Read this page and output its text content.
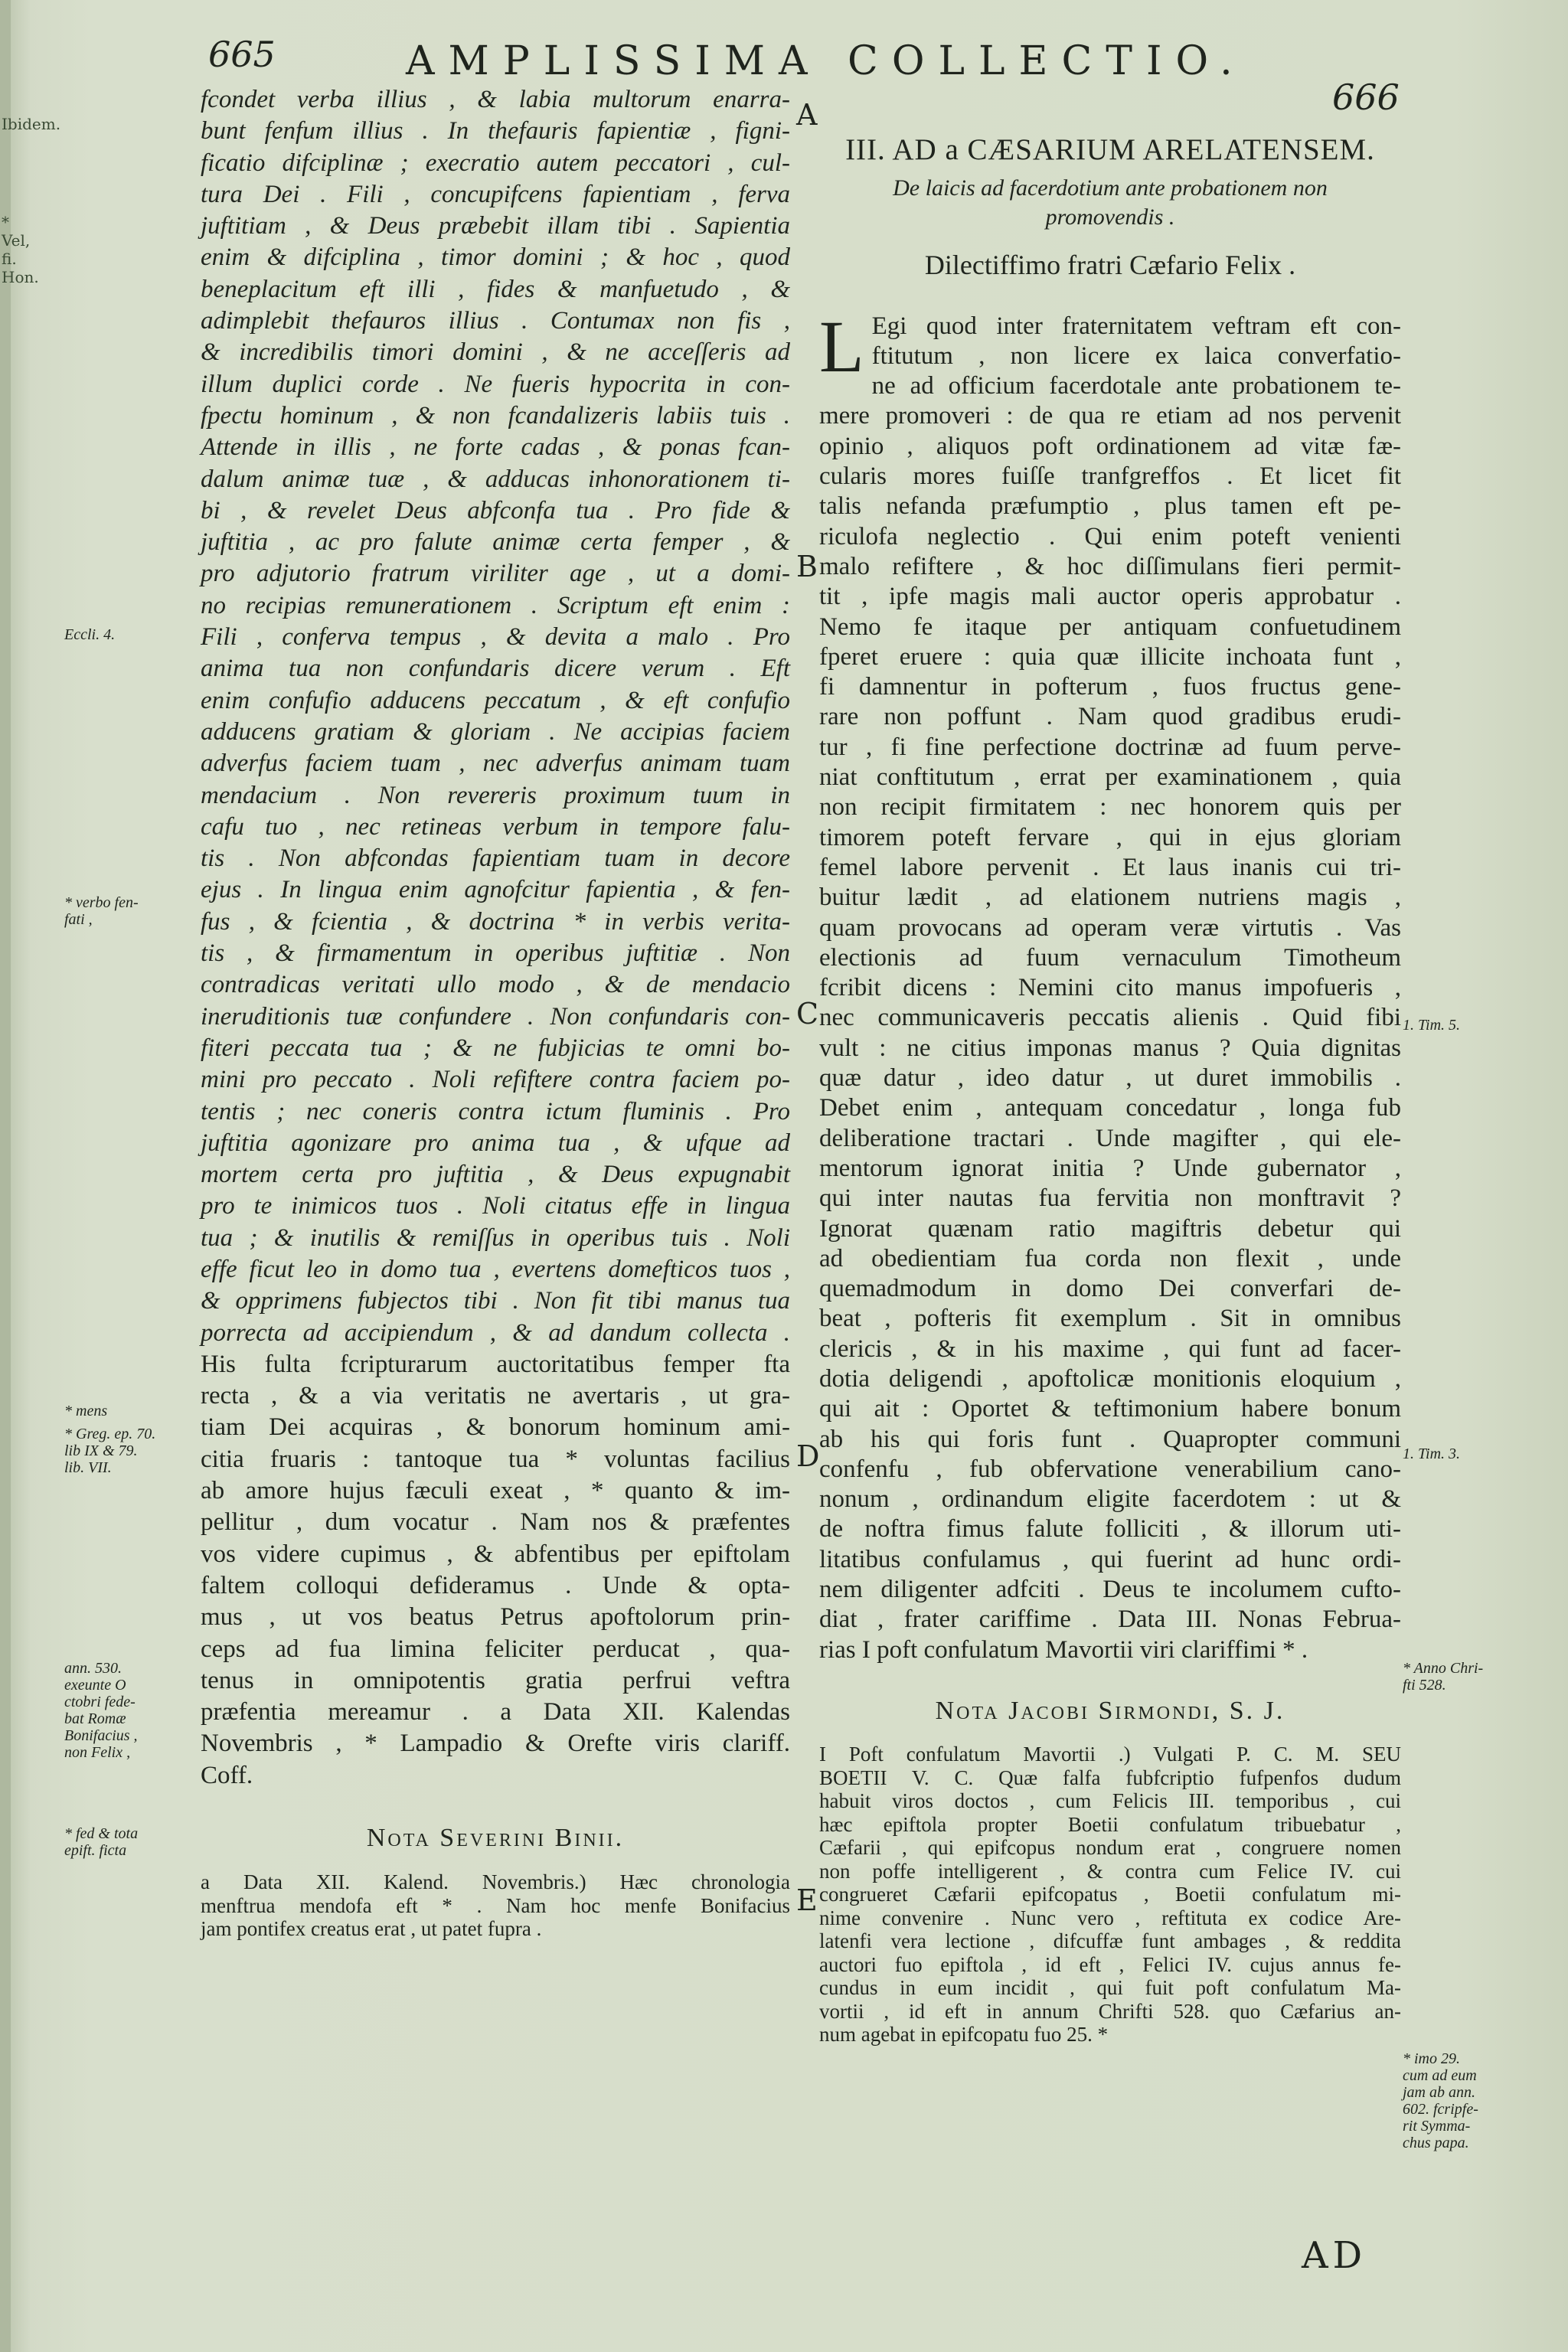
Ibidem.
* Vel, fi. Hon.
665	AMPLISSIMA COLLECTIO.
666
fcondet verba illius , & labia multorum enarra-
bunt fenfum illius . In thefauris fapientiæ , figni-
ficatio difciplinæ ; execratio autem peccatori , cul-
tura Dei . Fili , concupifcens fapientiam , ferva
juftitiam , & Deus præbebit illam tibi . Sapientia
enim & difciplina , timor domini ; & hoc , quod
beneplacitum eft illi , fides & manfuetudo , &
adimplebit thefauros illius . Contumax non fis ,
& incredibilis timori domini , & ne acceſſeris ad
illum duplici corde . Ne fueris hypocrita in con-
fpectu hominum , & non fcandalizeris labiis tuis .
Attende in illis , ne forte cadas , & ponas fcan-
dalum animæ tuæ , & adducas inhonorationem ti-
bi , & revelet Deus abfconfa tua . Pro fide &
juftitia , ac pro falute animæ certa femper , &
pro adjutorio fratrum viriliter age , ut a domi-
no recipias remunerationem . Scriptum eft enim :
Fili , conferva tempus , & devita a malo . Pro
anima tua non confundaris dicere verum . Eft
enim confufio adducens peccatum , & eft confufio
adducens gratiam & gloriam . Ne accipias faciem
adverfus faciem tuam , nec adverfus animam tuam
mendacium . Non revereris proximum tuum in
cafu tuo , nec retineas verbum in tempore falu-
tis . Non abfcondas fapientiam tuam in decore
ejus . In lingua enim agnofcitur fapientia , & fen-
fus , & fcientia , & doctrina * in verbis verita-
tis , & firmamentum in operibus juftitiæ . Non
contradicas veritati ullo modo , & de mendacio
ineruditionis tuæ confundere . Non confundaris con-
fiteri peccata tua ; & ne fubjicias te omni bo-
mini pro peccato . Noli refiftere contra faciem po-
tentis ; nec coneris contra ictum fluminis . Pro
juftitia agonizare pro anima tua , & ufque ad
mortem certa pro juftitia , & Deus expugnabit
pro te inimicos tuos . Noli citatus effe in lingua
tua ; & inutilis & remiſſus in operibus tuis . Noli
effe ficut leo in domo tua , evertens domefticos tuos ,
& opprimens fubjectos tibi . Non fit tibi manus tua
porrecta ad accipiendum , & ad dandum collecta .
His fulta fcripturarum auctoritatibus femper fta
recta , & a via veritatis ne avertaris , ut gra-
tiam Dei acquiras , & bonorum hominum ami-
citia fruaris : tantoque tua * voluntas facilius
ab amore hujus fæculi exeat , * quanto & im-
pellitur , dum vocatur . Nam nos & præfentes
vos videre cupimus , & abfentibus per epiftolam
faltem colloqui defideramus . Unde & opta-
mus , ut vos beatus Petrus apoftolorum prin-
ceps ad fua limina feliciter perducat , qua-
tenus in omnipotentis gratia perfrui veftra
præfentia mereamur . a Data XII. Kalendas
Novembris , * Lampadio & Orefte viris clariff.
Coff.
Nota Severini Binii.
a Data XII. Kalend. Novembris.) Hæc chronologia
menftrua mendofa eft * . Nam hoc menfe Bonifacius
jam pontifex creatus erat , ut patet fupra .
III. AD a CÆSARIUM ARELATENSEM.
De laicis ad facerdotium ante probationem non
promovendis .
Dilectiffimo fratri Cæfario Felix .
L Egi quod inter fraternitatem veftram eft con-
ftitutum , non licere ex laica converfatio-
ne ad officium facerdotale ante probationem te-
mere promoveri : de qua re etiam ad nos pervenit
opinio , aliquos poft ordinationem ad vitæ fæ-
cularis mores fuiſſe tranfgreffos . Et licet fit
talis nefanda præfumptio , plus tamen eft pe-
riculofa neglectio . Qui enim poteft venienti
malo refiftere , & hoc diſſimulans fieri permit-
tit , ipfe magis mali auctor operis approbatur .
Nemo fe itaque per antiquam confuetudinem
fperet eruere : quia quæ illicite inchoata funt ,
fi damnentur in pofterum , fuos fructus gene-
rare non poffunt . Nam quod gradibus erudi-
tur , fi fine perfectione doctrinæ ad fuum perve-
niat conftitutum , errat per examinationem , quia
non recipit firmitatem : nec honorem quis per
timorem poteft fervare , qui in ejus gloriam
femel labore pervenit . Et laus inanis cui tri-
buitur lædit , ad elationem nutriens magis ,
quam provocans ad operam veræ virtutis . Vas
electionis ad fuum vernaculum Timotheum
fcribit dicens : Nemini cito manus impofueris ,
nec communicaveris peccatis alienis . Quid fibi
vult : ne citius imponas manus ? Quia dignitas
quæ datur , ideo datur , ut duret immobilis .
Debet enim , antequam concedatur , longa fub
deliberatione tractari . Unde magifter , qui ele-
mentorum ignorat initia ? Unde gubernator ,
qui inter nautas fua fervitia non monftravit ?
Ignorat quænam ratio magiftris debetur qui
ad obedientiam fua corda non flexit , unde
quemadmodum in domo Dei converfari de-
beat , pofteris fit exemplum . Sit in omnibus
clericis , & in his maxime , qui funt ad facer-
dotia deligendi , apoftolicæ monitionis eloquium ,
qui ait : Oportet & teftimonium habere bonum
ab his qui foris funt . Quapropter communi
confenfu , fub obfervatione venerabilium cano-
nonum , ordinandum eligite facerdotem : ut &
de noftra fimus falute folliciti , & illorum uti-
litatibus confulamus , qui fuerint ad hunc ordi-
nem diligenter adfciti . Deus te incolumem cufto-
diat , frater cariffime . Data III. Nonas Februa-
rias I poft confulatum Mavortii viri clariffimi * .
Nota Jacobi Sirmondi, S. J.
I Poft confulatum Mavortii .) Vulgati P. C. M. SEU
BOETII V. C. Quæ falfa fubfcriptio fufpenfos dudum
habuit viros doctos , cum Felicis III. temporibus , cui
hæc epiftola propter Boetii confulatum tribuebatur ,
Cæfarii , qui epifcopus nondum erat , congruere nomen
non poffe intelligerent , & contra cum Felice IV. cui
congrueret Cæfarii epifcopatus , Boetii confulatum mi-
nime convenire . Nunc vero , reftituta ex codice Are-
latenfi vera lectione , difcuffæ funt ambages , & reddita
auctori fuo epiftola , id eft , Felici IV. cujus annus fe-
cundus in eum incidit , qui fuit poft confulatum Ma-
vortii , id eft in annum Chrifti 528. quo Cæfarius an-
num agebat in epifcopatu fuo 25. *
A
B
C
D
E
Eccli. 4.
* verbo fen-
fati ,
* mens
* Greg. ep. 70.
lib IX & 79.
lib. VII.
ann. 530.
exeunte O
ctobri fede-
bat Romæ
Bonifacius ,
non Felix ,
* fed & tota
epift. ficta
1. Tim. 5.
1. Tim. 3.
* Anno Chri-
fti 528.
* imo 29.
cum ad eum
jam ab ann.
602. fcripfe-
rit Symma-
chus papa.
AD
